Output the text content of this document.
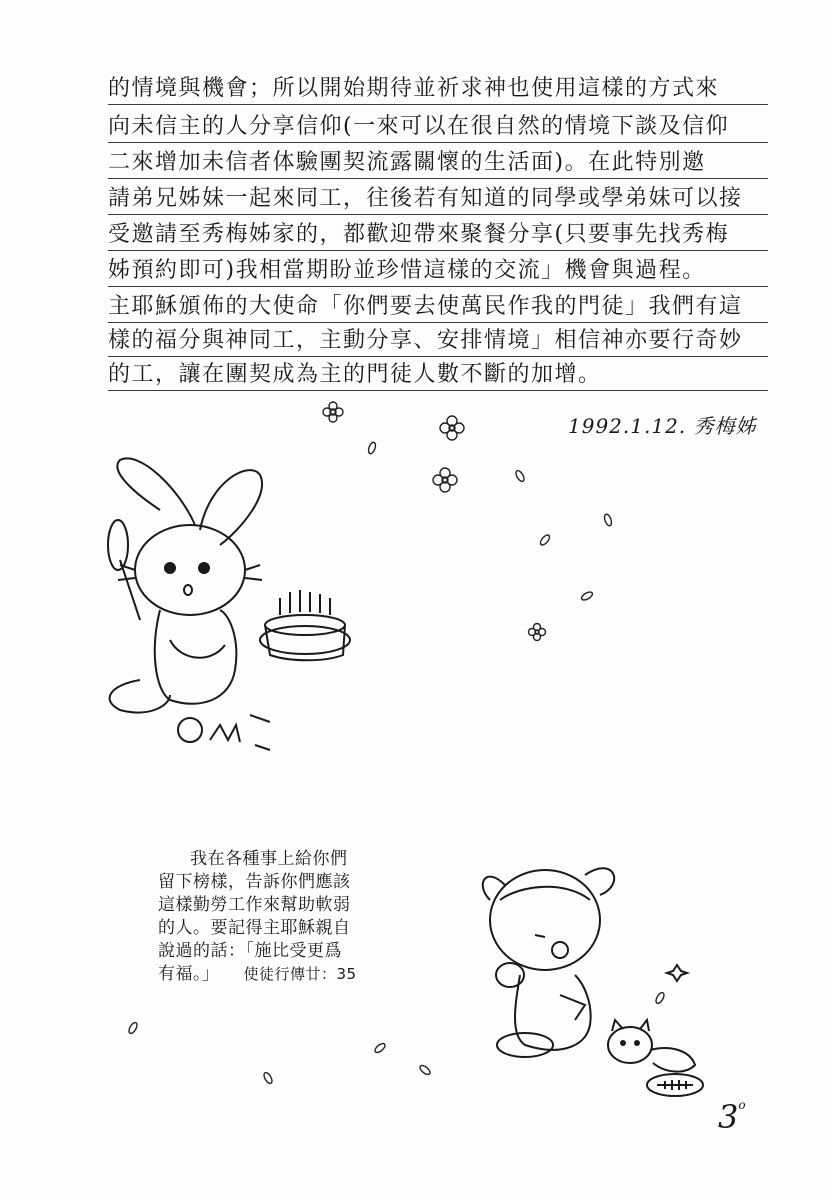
的情境與機會；所以開始期待並祈求神也使用這樣的方式來
向未信主的人分享信仰(一來可以在很自然的情境下談及信仰
二來增加未信者体驗團契流露關懷的生活面)。在此特別邀
請弟兄姊妹一起來同工，往後若有知道的同學或學弟妹可以接
受邀請至秀梅姊家的，都歡迎帶來聚餐分享(只要事先找秀梅
姊預約即可)我相當期盼並珍惜這樣的交流」機會與過程。
主耶穌頒佈的大使命「你們要去使萬民作我的門徒」我們有這
樣的福分與神同工，主動分享、安排情境」相信神亦要行奇妙
的工，讓在團契成為主的門徒人數不斷的加增。
1992.1.12. 秀梅姊
我在各種事上給你們
留下榜樣，告訴你們應該
這樣勤勞工作來幫助軟弱
的人。要記得主耶穌親自
說過的話：「施比受更爲
有福。」 使徒行傳廿：35
3$^o$
